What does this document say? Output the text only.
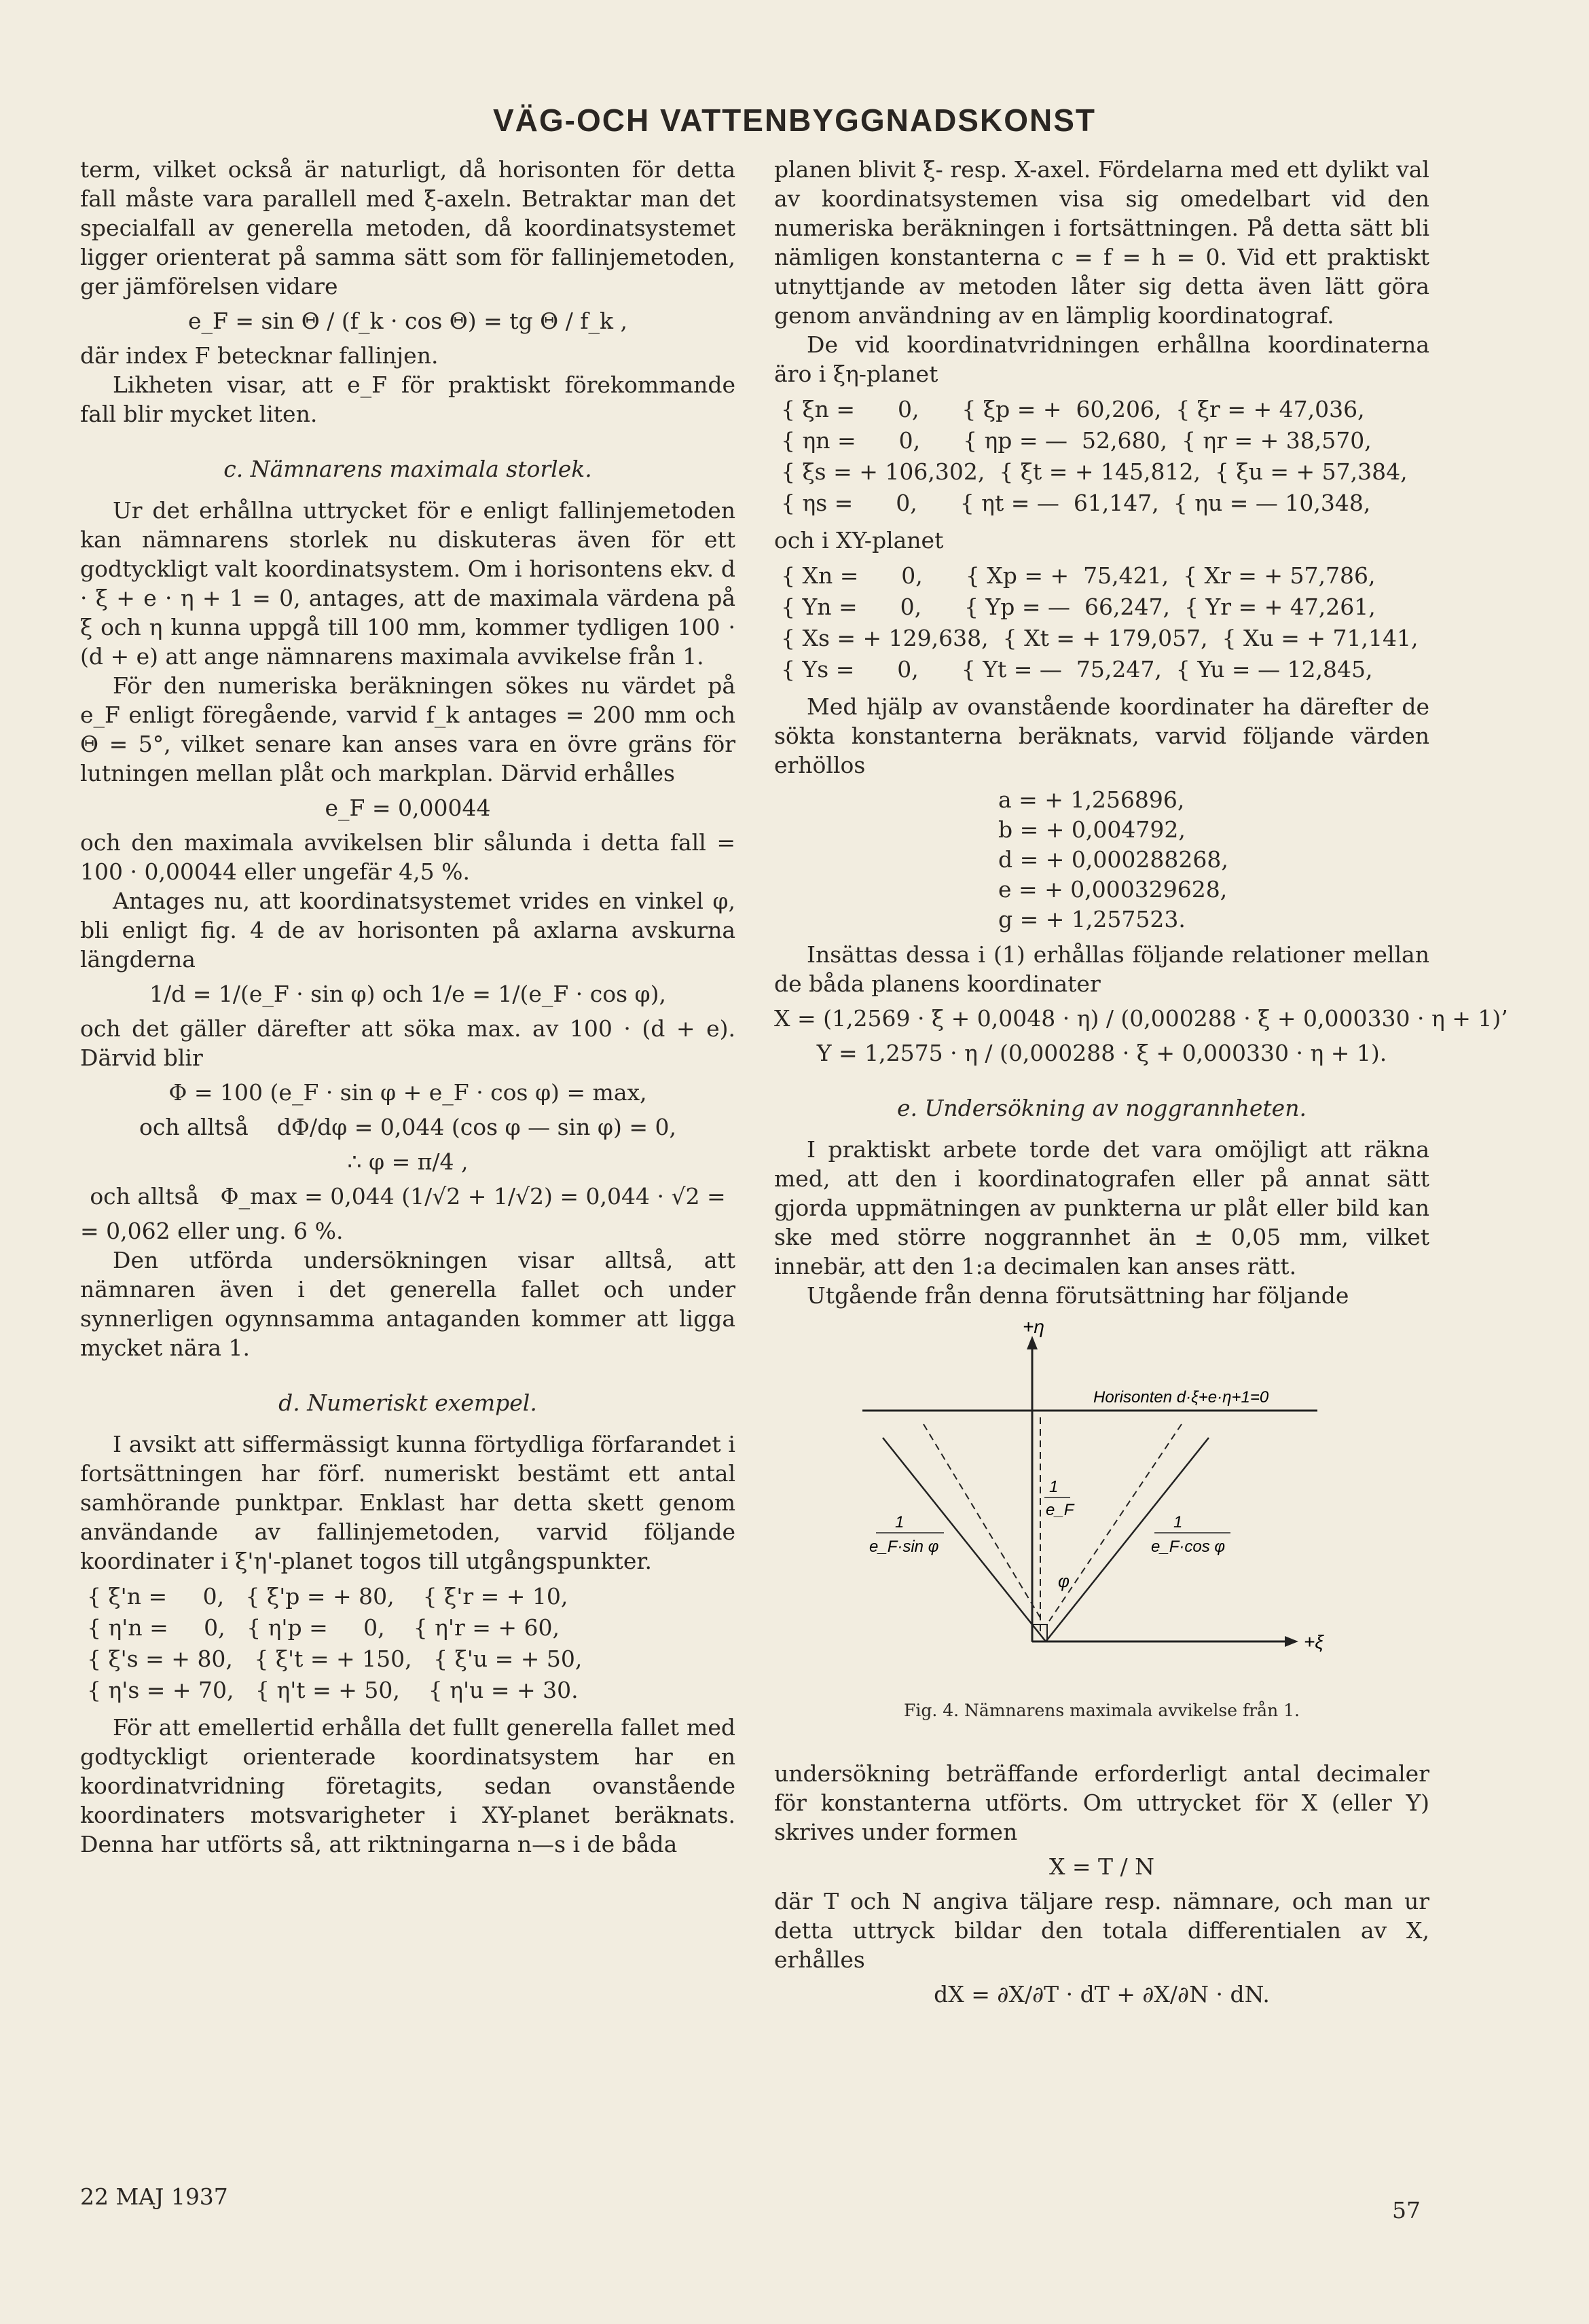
VÄG-OCH VATTENBYGGNADSKONST

term, vilket också är naturligt, då horisonten för detta fall måste vara parallell med ξ-axeln. Betraktar man det specialfall av generella metoden, då koordinatsystemet ligger orienterat på samma sätt som för fallinjemetoden, ger jämförelsen vidare

e_F = sin Θ / (f_k · cos Θ) = tg Θ / f_k ,

där index F betecknar fallinjen.

Likheten visar, att e_F för praktiskt förekommande fall blir mycket liten.

c. Nämnarens maximala storlek.

Ur det erhållna uttrycket för e enligt fallinjemetoden kan nämnarens storlek nu diskuteras även för ett godtyckligt valt koordinatsystem. Om i horisontens ekv. d · ξ + e · η + 1 = 0, antages, att de maximala värdena på ξ och η kunna uppgå till 100 mm, kommer tydligen 100 · (d + e) att ange nämnarens maximala avvikelse från 1.

För den numeriska beräkningen sökes nu värdet på e_F enligt föregående, varvid f_k antages = 200 mm och Θ = 5°, vilket senare kan anses vara en övre gräns för lutningen mellan plåt och markplan. Därvid erhålles

e_F = 0,00044

och den maximala avvikelsen blir sålunda i detta fall = 100 · 0,00044 eller ungefär 4,5 %.

Antages nu, att koordinatsystemet vrides en vinkel φ, bli enligt fig. 4 de av horisonten på axlarna avskurna längderna

1/d = 1/(e_F · sin φ) och 1/e = 1/(e_F · cos φ),

och det gäller därefter att söka max. av 100 · (d + e). Därvid blir

Φ = 100 (e_F · sin φ + e_F · cos φ) = max,
och alltså dΦ/dφ = 0,044 (cos φ — sin φ) = 0,
∴ φ = π/4 ,
och alltså Φ_max = 0,044 (1/√2 + 1/√2) = 0,044 · √2 =

= 0,062 eller ung. 6 %.

Den utförda undersökningen visar alltså, att nämnaren även i det generella fallet och under synnerligen ogynnsamma antaganden kommer att ligga mycket nära 1.

d. Numeriskt exempel.

I avsikt att siffermässigt kunna förtydliga förfarandet i fortsättningen har förf. numeriskt bestämt ett antal samhörande punktpar. Enklast har detta skett genom användande av fallinjemetoden, varvid följande koordinater i ξ'η'-planet togos till utgångspunkter.

{ ξ'n =     0,   { ξ'p = + 80,    { ξ'r = + 10,
{ η'n =     0,   { η'p =     0,    { η'r = + 60,
{ ξ's = + 80,   { ξ't = + 150,   { ξ'u = + 50,
{ η's = + 70,   { η't = + 50,    { η'u = + 30.

För att emellertid erhålla det fullt generella fallet med godtyckligt orienterade koordinatsystem har en koordinatvridning företagits, sedan ovanstående koordinaters motsvarigheter i XY-planet beräknats. Denna har utförts så, att riktningarna n—s i de båda

planen blivit ξ- resp. X-axel. Fördelarna med ett dylikt val av koordinatsystemen visa sig omedelbart vid den numeriska beräkningen i fortsättningen. På detta sätt bli nämligen konstanterna c = f = h = 0. Vid ett praktiskt utnyttjande av metoden låter sig detta även lätt göra genom användning av en lämplig koordinatograf.

De vid koordinatvridningen erhållna koordinaterna äro i ξη-planet

{ ξn =      0,      { ξp = +  60,206,  { ξr = + 47,036,
{ ηn =      0,      { ηp = —  52,680,  { ηr = + 38,570,
{ ξs = + 106,302,  { ξt = + 145,812,  { ξu = + 57,384,
{ ηs =      0,      { ηt = —  61,147,  { ηu = — 10,348,

och i XY-planet

{ Xn =      0,      { Xp = +  75,421,  { Xr = + 57,786,
{ Yn =      0,      { Yp = —  66,247,  { Yr = + 47,261,
{ Xs = + 129,638,  { Xt = + 179,057,  { Xu = + 71,141,
{ Ys =      0,      { Yt = —  75,247,  { Yu = — 12,845,

Med hjälp av ovanstående koordinater ha därefter de sökta konstanterna beräknats, varvid följande värden erhöllos

a = + 1,256896,
b = + 0,004792,
d = + 0,000288268,
e = + 0,000329628,
g = + 1,257523.

Insättas dessa i (1) erhållas följande relationer mellan de båda planens koordinater

X = (1,2569 · ξ + 0,0048 · η) / (0,000288 · ξ + 0,000330 · η + 1)’
Y = 1,2575 · η / (0,000288 · ξ + 0,000330 · η + 1).
e. Undersökning av noggrannheten.

I praktiskt arbete torde det vara omöjligt att räkna med, att den i koordinatografen eller på annat sätt gjorda uppmätningen av punkterna ur plåt eller bild kan ske med större noggrannhet än ± 0,05 mm, vilket innebär, att den 1:a decimalen kan anses rätt.

Utgående från denna förutsättning har följande

+η
+ξ
Horisonten d·ξ+e·η+1=0
1
e_F·sin φ
1
e_F·cos φ
1
e_F
φ
Fig. 4. Nämnarens maximala avvikelse från 1.

undersökning beträffande erforderligt antal decimaler för konstanterna utförts. Om uttrycket för X (eller Y) skrives under formen

X = T / N

där T och N angiva täljare resp. nämnare, och man ur detta uttryck bildar den totala differentialen av X, erhålles

dX = ∂X/∂T · dT + ∂X/∂N · dN.
22 MAJ 1937
57
